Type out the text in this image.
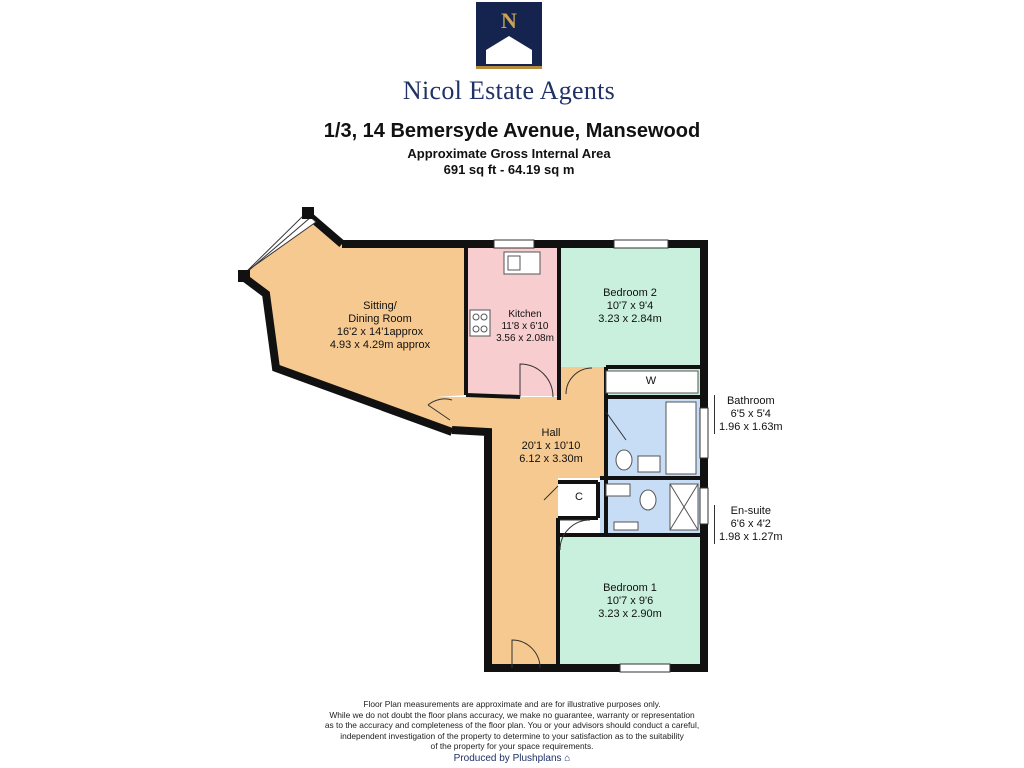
N
Nicol Estate Agents
1/3, 14 Bemersyde Avenue, Mansewood
Approximate Gross Internal Area
691 sq ft - 64.19 sq m
Sitting/
Dining Room
16'2 x 14'1approx
4.93 x 4.29m approx
Kitchen
11'8 x 6'10
3.56 x 2.08m
Bedroom 2
10'7 x 9'4
3.23 x 2.84m
W
Hall
20'1 x 10'10
6.12 x 3.30m
C
Bedroom 1
10'7 x 9'6
3.23 x 2.90m
Bathroom
6'5 x 5'4
1.96 x 1.63m
En-suite
6'6 x 4'2
1.98 x 1.27m
Floor Plan measurements are approximate and are for illustrative purposes only.
While we do not doubt the floor plans accuracy, we make no guarantee, warranty or representation
as to the accuracy and completeness of the floor plan. You or your advisors should conduct a careful,
independent investigation of the property to determine to your satisfaction as to the suitability
of the property for your space requirements.
Produced by Plushplans ⌂
